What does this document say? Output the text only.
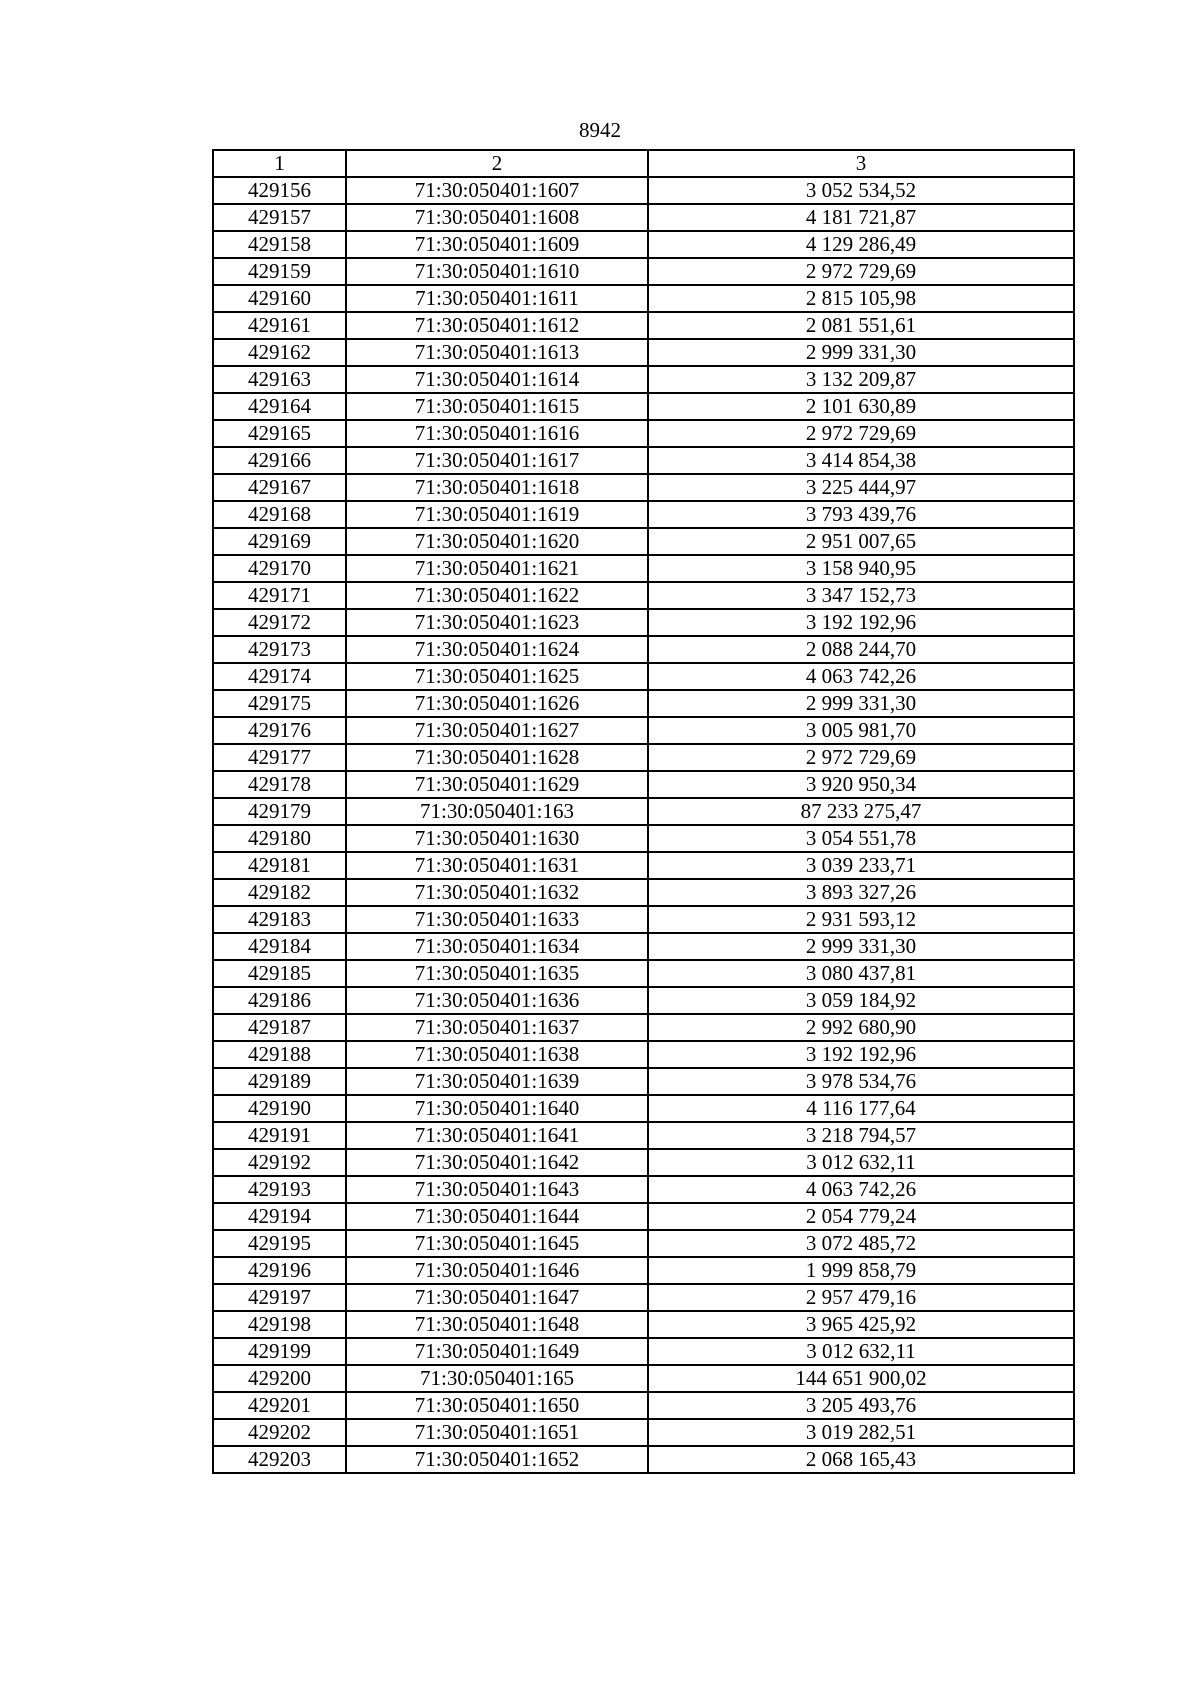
8942
1	2	3
429156	71:30:050401:1607	3 052 534,52
429157	71:30:050401:1608	4 181 721,87
429158	71:30:050401:1609	4 129 286,49
429159	71:30:050401:1610	2 972 729,69
429160	71:30:050401:1611	2 815 105,98
429161	71:30:050401:1612	2 081 551,61
429162	71:30:050401:1613	2 999 331,30
429163	71:30:050401:1614	3 132 209,87
429164	71:30:050401:1615	2 101 630,89
429165	71:30:050401:1616	2 972 729,69
429166	71:30:050401:1617	3 414 854,38
429167	71:30:050401:1618	3 225 444,97
429168	71:30:050401:1619	3 793 439,76
429169	71:30:050401:1620	2 951 007,65
429170	71:30:050401:1621	3 158 940,95
429171	71:30:050401:1622	3 347 152,73
429172	71:30:050401:1623	3 192 192,96
429173	71:30:050401:1624	2 088 244,70
429174	71:30:050401:1625	4 063 742,26
429175	71:30:050401:1626	2 999 331,30
429176	71:30:050401:1627	3 005 981,70
429177	71:30:050401:1628	2 972 729,69
429178	71:30:050401:1629	3 920 950,34
429179	71:30:050401:163	87 233 275,47
429180	71:30:050401:1630	3 054 551,78
429181	71:30:050401:1631	3 039 233,71
429182	71:30:050401:1632	3 893 327,26
429183	71:30:050401:1633	2 931 593,12
429184	71:30:050401:1634	2 999 331,30
429185	71:30:050401:1635	3 080 437,81
429186	71:30:050401:1636	3 059 184,92
429187	71:30:050401:1637	2 992 680,90
429188	71:30:050401:1638	3 192 192,96
429189	71:30:050401:1639	3 978 534,76
429190	71:30:050401:1640	4 116 177,64
429191	71:30:050401:1641	3 218 794,57
429192	71:30:050401:1642	3 012 632,11
429193	71:30:050401:1643	4 063 742,26
429194	71:30:050401:1644	2 054 779,24
429195	71:30:050401:1645	3 072 485,72
429196	71:30:050401:1646	1 999 858,79
429197	71:30:050401:1647	2 957 479,16
429198	71:30:050401:1648	3 965 425,92
429199	71:30:050401:1649	3 012 632,11
429200	71:30:050401:165	144 651 900,02
429201	71:30:050401:1650	3 205 493,76
429202	71:30:050401:1651	3 019 282,51
429203	71:30:050401:1652	2 068 165,43
